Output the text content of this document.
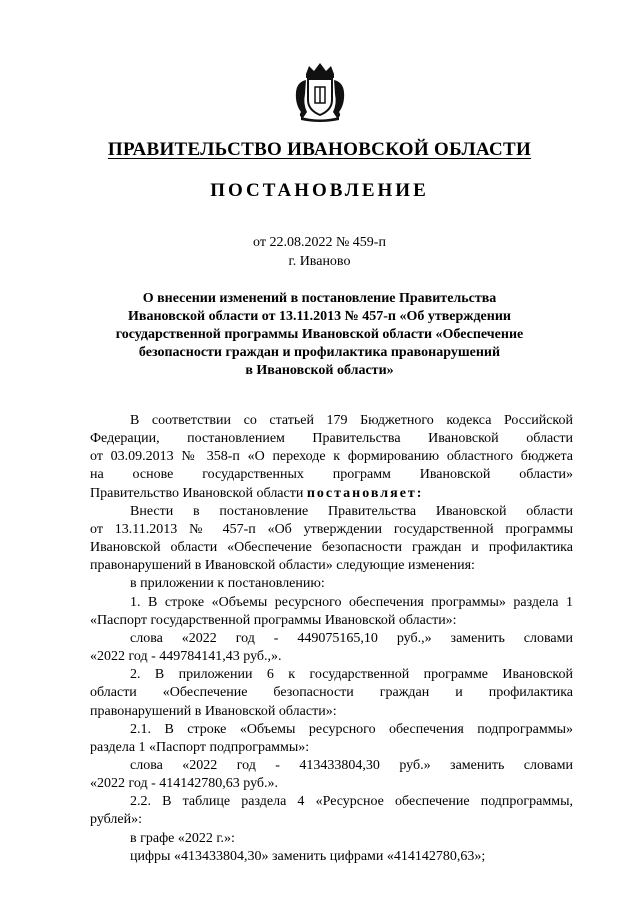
ПРАВИТЕЛЬСТВО ИВАНОВСКОЙ ОБЛАСТИ
ПОСТАНОВЛЕНИЕ
от 22.08.2022 № 459-п
г. Иваново
О внесении изменений в постановление Правительства
Ивановской области от 13.11.2013 № 457-п «Об утверждении
государственной программы Ивановской области «Обеспечение
безопасности граждан и профилактика правонарушений
в Ивановской области»
В соответствии со статьей 179 Бюджетного кодекса Российской
Федерации, постановлением Правительства Ивановской области
от 03.09.2013 № 358-п «О переходе к формированию областного бюджета
на основе государственных программ Ивановской области»
Правительство Ивановской области постановляет:
Внести в постановление Правительства Ивановской области
от 13.11.2013 № 457-п «Об утверждении государственной программы
Ивановской области «Обеспечение безопасности граждан и профилактика
правонарушений в Ивановской области» следующие изменения:
в приложении к постановлению:
1. В строке «Объемы ресурсного обеспечения программы» раздела 1
«Паспорт государственной программы Ивановской области»:
слова «2022 год - 449075165,10 руб.,» заменить словами
«2022 год - 449784141,43 руб.,».
2. В приложении 6 к государственной программе Ивановской
области «Обеспечение безопасности граждан и профилактика
правонарушений в Ивановской области»:
2.1. В строке «Объемы ресурсного обеспечения подпрограммы»
раздела 1 «Паспорт подпрограммы»:
слова «2022 год - 413433804,30 руб.» заменить словами
«2022 год - 414142780,63 руб.».
2.2. В таблице раздела 4 «Ресурсное обеспечение подпрограммы,
рублей»:
в графе «2022 г.»:
цифры «413433804,30» заменить цифрами «414142780,63»;
